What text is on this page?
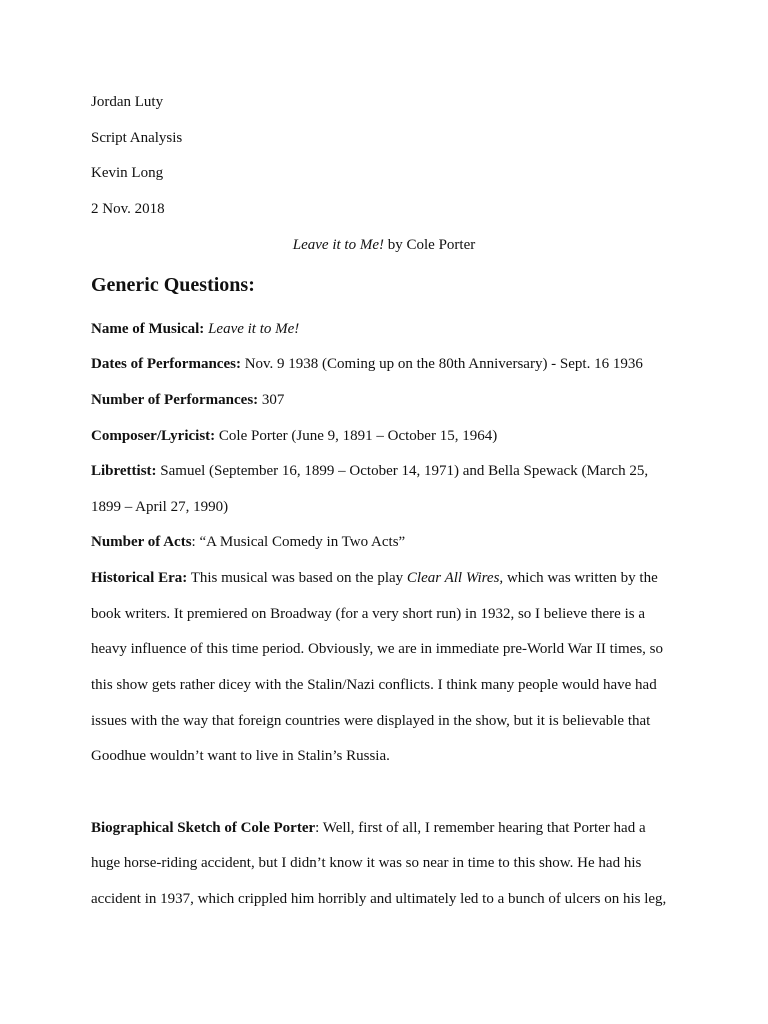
Jordan Luty
Script Analysis
Kevin Long
2 Nov. 2018
Leave it to Me! by Cole Porter
Generic Questions:
Name of Musical: Leave it to Me!
Dates of Performances: Nov. 9 1938 (Coming up on the 80th Anniversary) - Sept. 16 1936
Number of Performances: 307
Composer/Lyricist: Cole Porter (June 9, 1891 – October 15, 1964)
Librettist: Samuel (September 16, 1899 – October 14, 1971) and Bella Spewack (March 25,
1899 – April 27, 1990)
Number of Acts: “A Musical Comedy in Two Acts”
Historical Era: This musical was based on the play Clear All Wires, which was written by the
book writers. It premiered on Broadway (for a very short run) in 1932, so I believe there is a
heavy influence of this time period. Obviously, we are in immediate pre-World War II times, so
this show gets rather dicey with the Stalin/Nazi conflicts. I think many people would have had
issues with the way that foreign countries were displayed in the show, but it is believable that
Goodhue wouldn’t want to live in Stalin’s Russia.
Biographical Sketch of Cole Porter: Well, first of all, I remember hearing that Porter had a
huge horse-riding accident, but I didn’t know it was so near in time to this show. He had his
accident in 1937, which crippled him horribly and ultimately led to a bunch of ulcers on his leg,
